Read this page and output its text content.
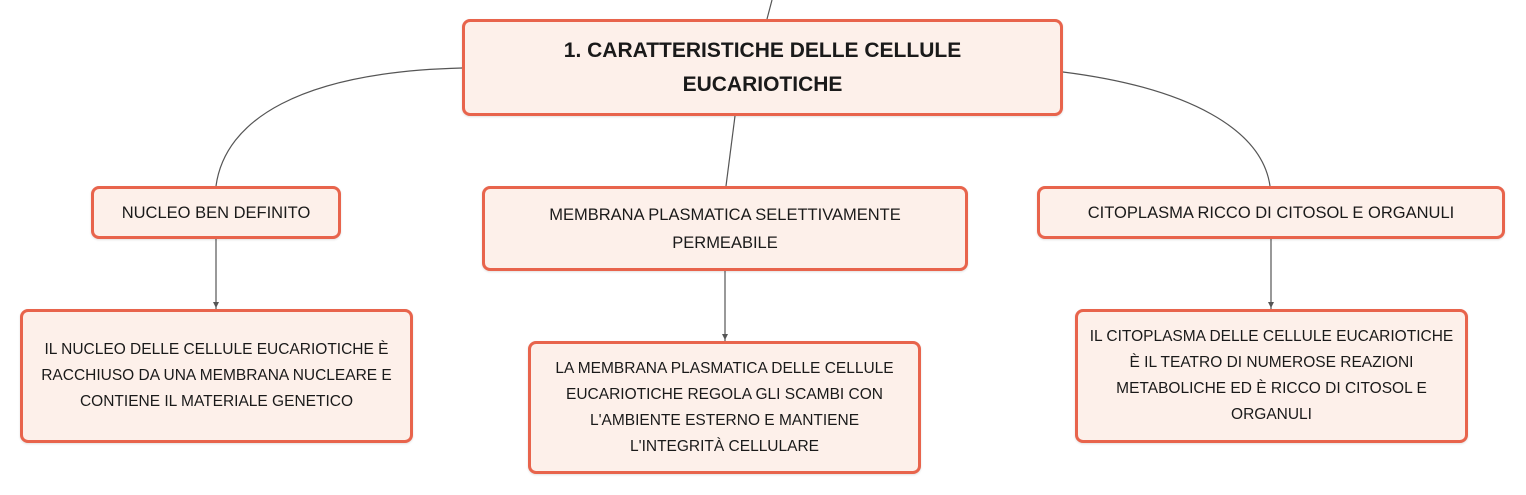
1. CARATTERISTICHE DELLE CELLULE EUCARIOTICHE
NUCLEO BEN DEFINITO	MEMBRANA PLASMATICA SELETTIVAMENTE PERMEABILE
CITOPLASMA RICCO DI CITOSOL E ORGANULI
IL NUCLEO DELLE CELLULE EUCARIOTICHE È RACCHIUSO DA UNA MEMBRANA NUCLEARE E CONTIENE IL MATERIALE GENETICO
LA MEMBRANA PLASMATICA DELLE CELLULE EUCARIOTICHE REGOLA GLI SCAMBI CON L'AMBIENTE ESTERNO E MANTIENE L'INTEGRITÀ CELLULARE
IL CITOPLASMA DELLE CELLULE EUCARIOTICHE È IL TEATRO DI NUMEROSE REAZIONI METABOLICHE ED È RICCO DI CITOSOL E ORGANULI
